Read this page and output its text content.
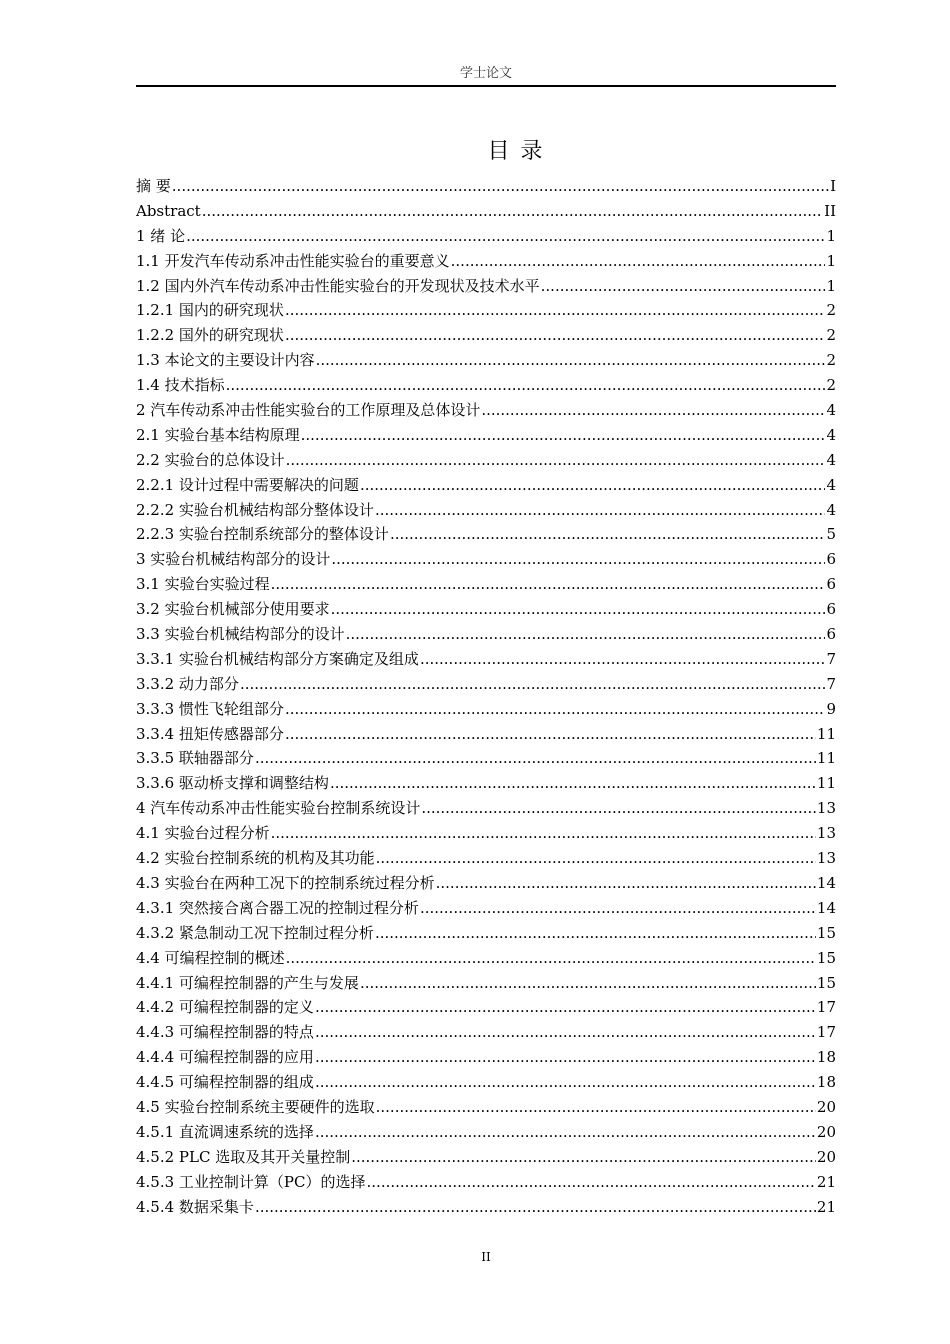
学士论文
目 录
摘 要 .....	I
Abstract .....	II
1 绪 论 .....	1
1.1 开发汽车传动系冲击性能实验台的重要意义 .....	1
1.2 国内外汽车传动系冲击性能实验台的开发现状及技术水平 .....	1
1.2.1 国内的研究现状 .....	2
1.2.2 国外的研究现状 .....	2
1.3 本论文的主要设计内容 .....	2
1.4 技术指标 .....	2
2 汽车传动系冲击性能实验台的工作原理及总体设计 .....	4
2.1 实验台基本结构原理 .....	4
2.2 实验台的总体设计 .....	4
2.2.1 设计过程中需要解决的问题 .....	4
2.2.2 实验台机械结构部分整体设计 .....	4
2.2.3 实验台控制系统部分的整体设计 .....	5
3 实验台机械结构部分的设计 .....	6
3.1 实验台实验过程 .....	6
3.2 实验台机械部分使用要求 .....	6
3.3 实验台机械结构部分的设计 .....	6
3.3.1 实验台机械结构部分方案确定及组成 .....	7
3.3.2 动力部分 .....	7
3.3.3 惯性飞轮组部分 .....	9
3.3.4 扭矩传感器部分 .....	11
3.3.5 联轴器部分 .....	11
3.3.6 驱动桥支撑和调整结构 .....	11
4 汽车传动系冲击性能实验台控制系统设计 .....	13
4.1 实验台过程分析 .....	13
4.2 实验台控制系统的机构及其功能 .....	13
4.3 实验台在两种工况下的控制系统过程分析 .....	14
4.3.1 突然接合离合器工况的控制过程分析 .....	14
4.3.2 紧急制动工况下控制过程分析 .....	15
4.4 可编程控制的概述 .....	15
4.4.1 可编程控制器的产生与发展 .....	15
4.4.2 可编程控制器的定义 .....	17
4.4.3 可编程控制器的特点 .....	17
4.4.4 可编程控制器的应用 .....	18
4.4.5 可编程控制器的组成 .....	18
4.5 实验台控制系统主要硬件的选取 .....	20
4.5.1 直流调速系统的选择 .....	20
4.5.2 PLC 选取及其开关量控制 .....	20
4.5.3 工业控制计算（PC）的选择 .....	21
4.5.4 数据采集卡 .....	21
II
